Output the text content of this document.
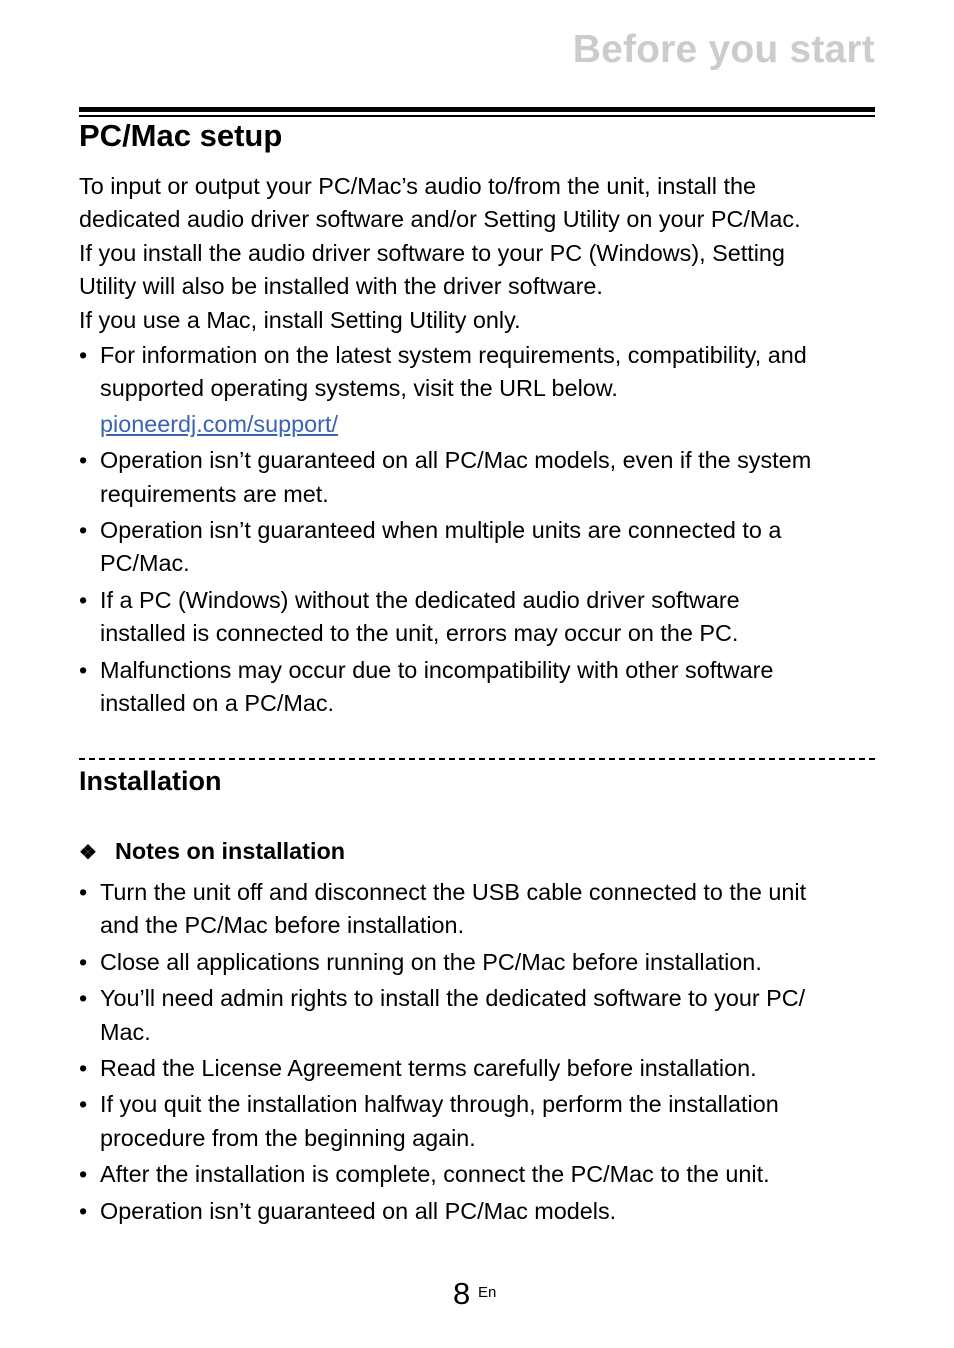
Before you start
PC/Mac setup
To input or output your PC/Mac’s audio to/from the unit, install the
dedicated audio driver software and/or Setting Utility on your PC/Mac.
If you install the audio driver software to your PC (Windows), Setting
Utility will also be installed with the driver software.
If you use a Mac, install Setting Utility only.
• For information on the latest system requirements, compatibility, and
supported operating systems, visit the URL below.
pioneerdj.com/support/
• Operation isn’t guaranteed on all PC/Mac models, even if the system
requirements are met.
• Operation isn’t guaranteed when multiple units are connected to a
PC/Mac.
• If a PC (Windows) without the dedicated audio driver software
installed is connected to the unit, errors may occur on the PC.
• Malfunctions may occur due to incompatibility with other software
installed on a PC/Mac.
Installation
❖ Notes on installation
• Turn the unit off and disconnect the USB cable connected to the unit
and the PC/Mac before installation.
• Close all applications running on the PC/Mac before installation.
• You’ll need admin rights to install the dedicated software to your PC/
Mac.
• Read the License Agreement terms carefully before installation.
• If you quit the installation halfway through, perform the installation
procedure from the beginning again.
• After the installation is complete, connect the PC/Mac to the unit.
• Operation isn’t guaranteed on all PC/Mac models.
8 En
